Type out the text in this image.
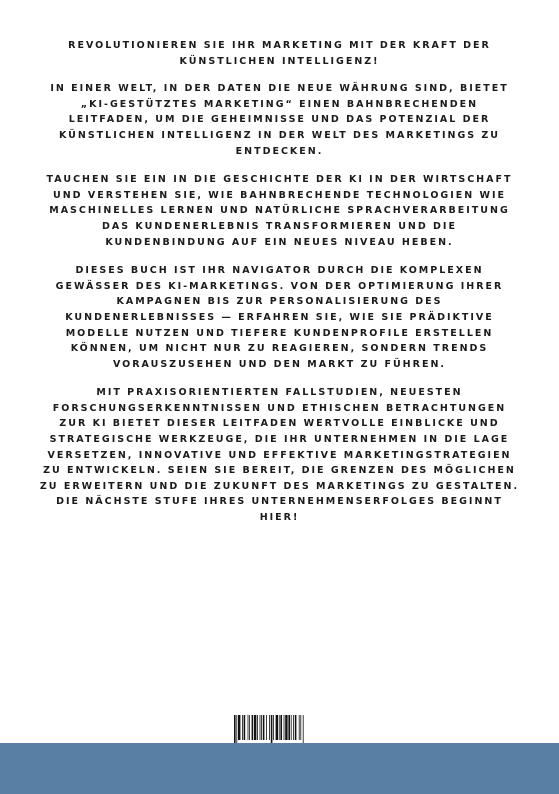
REVOLUTIONIEREN SIE IHR MARKETING MIT DER KRAFT DER KÜNSTLICHEN INTELLIGENZ!

IN EINER WELT, IN DER DATEN DIE NEUE WÄHRUNG SIND, BIETET „KI-GESTÜTZTES MARKETING“ EINEN BAHNBRECHENDEN LEITFADEN, UM DIE GEHEIMNISSE UND DAS POTENZIAL DER KÜNSTLICHEN INTELLIGENZ IN DER WELT DES MARKETINGS ZU ENTDECKEN.

TAUCHEN SIE EIN IN DIE GESCHICHTE DER KI IN DER WIRTSCHAFT UND VERSTEHEN SIE, WIE BAHNBRECHENDE TECHNOLOGIEN WIE MASCHINELLES LERNEN UND NATÜRLICHE SPRACHVERARBEITUNG DAS KUNDENERLEBNIS TRANSFORMIEREN UND DIE KUNDENBINDUNG AUF EIN NEUES NIVEAU HEBEN.

DIESES BUCH IST IHR NAVIGATOR DURCH DIE KOMPLEXEN GEWÄSSER DES KI-MARKETINGS. VON DER OPTIMIERUNG IHRER KAMPAGNEN BIS ZUR PERSONALISIERUNG DES KUNDENERLEBNISSES — ERFAHREN SIE, WIE SIE PRÄDIKTIVE MODELLE NUTZEN UND TIEFERE KUNDENPROFILE ERSTELLEN KÖNNEN, UM NICHT NUR ZU REAGIEREN, SONDERN TRENDS VORAUSZUSEHEN UND DEN MARKT ZU FÜHREN.

MIT PRAXISORIENTIERTEN FALLSTUDIEN, NEUESTEN FORSCHUNGSERKENNTNISSEN UND ETHISCHEN BETRACHTUNGEN ZUR KI BIETET DIESER LEITFADEN WERTVOLLE EINBLICKE UND STRATEGISCHE WERKZEUGE, DIE IHR UNTERNEHMEN IN DIE LAGE VERSETZEN, INNOVATIVE UND EFFEKTIVE MARKETINGSTRATEGIEN ZU ENTWICKELN. SEIEN SIE BEREIT, DIE GRENZEN DES MÖGLICHEN ZU ERWEITERN UND DIE ZUKUNFT DES MARKETINGS ZU GESTALTEN. DIE NÄCHSTE STUFE IHRES UNTERNEHMENSERFOLGES BEGINNT HIER!
